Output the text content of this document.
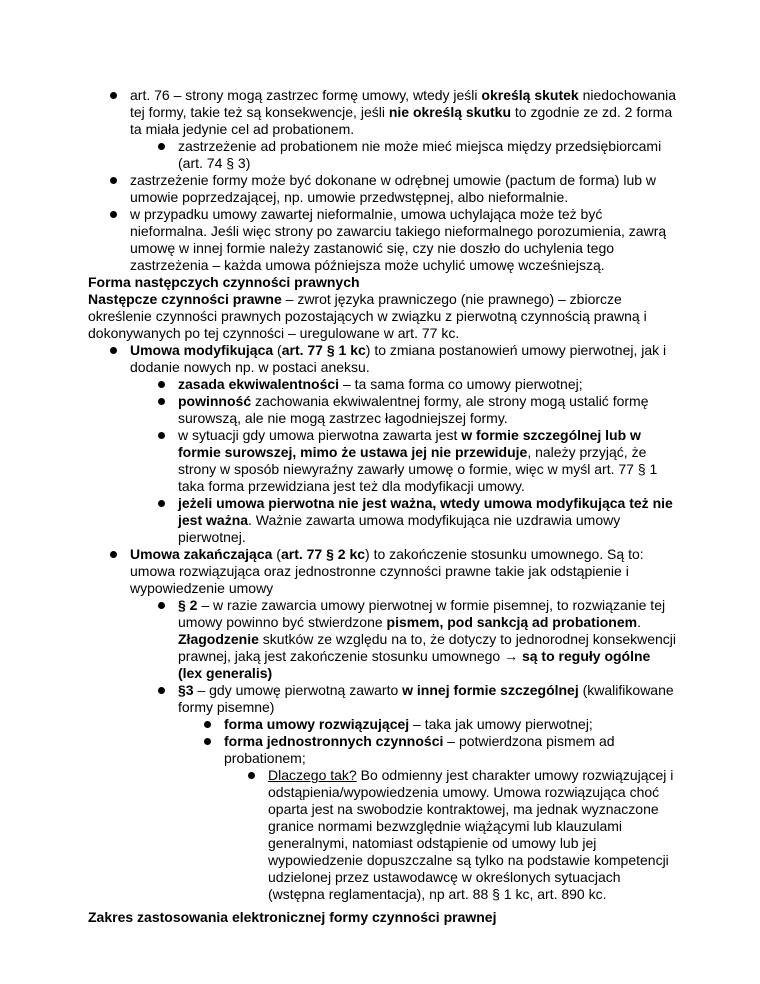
art. 76 – strony mogą zastrzec formę umowy, wtedy jeśli określą skutek niedochowania tej formy, takie też są konsekwencje, jeśli nie określą skutku to zgodnie ze zd. 2 forma ta miała jedynie cel ad probationem.
zastrzeżenie ad probationem nie może mieć miejsca między przedsiębiorcami (art. 74 § 3)
zastrzeżenie formy może być dokonane w odrębnej umowie (pactum de forma) lub w umowie poprzedzającej, np. umowie przedwstępnej, albo nieformalnie.
w przypadku umowy zawartej nieformalnie, umowa uchylająca może też być nieformalna. Jeśli więc strony po zawarciu takiego nieformalnego porozumienia, zawrą umowę w innej formie należy zastanowić się, czy nie doszło do uchylenia tego zastrzeżenia – każda umowa późniejsza może uchylić umowę wcześniejszą.
Forma następczych czynności prawnych

Następcze czynności prawne – zwrot języka prawniczego (nie prawnego) – zbiorcze określenie czynności prawnych pozostających w związku z pierwotną czynnością prawną i dokonywanych po tej czynności – uregulowane w art. 77 kc.

Umowa modyfikująca (art. 77 § 1 kc) to zmiana postanowień umowy pierwotnej, jak i dodanie nowych np. w postaci aneksu.
zasada ekwiwalentności – ta sama forma co umowy pierwotnej;
powinność zachowania ekwiwalentnej formy, ale strony mogą ustalić formę surowszą, ale nie mogą zastrzec łagodniejszej formy.
w sytuacji gdy umowa pierwotna zawarta jest w formie szczególnej lub w formie surowszej, mimo że ustawa jej nie przewiduje, należy przyjąć, że strony w sposób niewyraźny zawarły umowę o formie, więc w myśl art. 77 § 1 taka forma przewidziana jest też dla modyfikacji umowy.
jeżeli umowa pierwotna nie jest ważna, wtedy umowa modyfikująca też nie jest ważna. Ważnie zawarta umowa modyfikująca nie uzdrawia umowy pierwotnej.
Umowa zakańczająca (art. 77 § 2 kc) to zakończenie stosunku umownego. Są to: umowa rozwiązująca oraz jednostronne czynności prawne takie jak odstąpienie i wypowiedzenie umowy
§ 2 – w razie zawarcia umowy pierwotnej w formie pisemnej, to rozwiązanie tej umowy powinno być stwierdzone pismem, pod sankcją ad probationem. Złagodzenie skutków ze względu na to, że dotyczy to jednorodnej konsekwencji prawnej, jaką jest zakończenie stosunku umownego → są to reguły ogólne (lex generalis)
§3 – gdy umowę pierwotną zawarto w innej formie szczególnej (kwalifikowane formy pisemne)
forma umowy rozwiązującej – taka jak umowy pierwotnej;
forma jednostronnych czynności – potwierdzona pismem ad probationem;
Dlaczego tak? Bo odmienny jest charakter umowy rozwiązującej i odstąpienia/wypowiedzenia umowy. Umowa rozwiązująca choć oparta jest na swobodzie kontraktowej, ma jednak wyznaczone granice normami bezwzględnie wiążącymi lub klauzulami generalnymi, natomiast odstąpienie od umowy lub jej wypowiedzenie dopuszczalne są tylko na podstawie kompetencji udzielonej przez ustawodawcę w określonych sytuacjach (wstępna reglamentacja), np art. 88 § 1 kc, art. 890 kc.
Zakres zastosowania elektronicznej formy czynności prawnej
